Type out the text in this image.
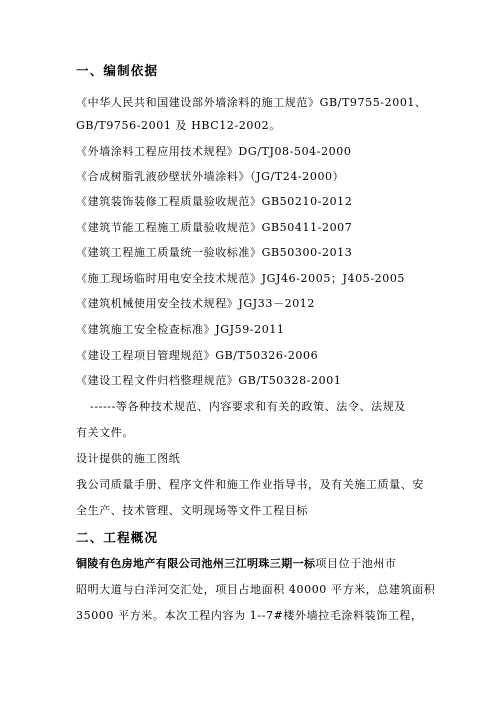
一、编制依据
《中华人民共和国建设部外墙涂料的施工规范》GB/T9755-2001、
GB/T9756-2001 及 HBC12-2002。
《外墙涂料工程应用技术规程》DG/TJ08-504-2000
《合成树脂乳液砂壁状外墙涂料》（JG/T24-2000）
《建筑装饰装修工程质量验收规范》GB50210-2012
《建筑节能工程施工质量验收规范》GB50411-2007
《建筑工程施工质量统一验收标准》GB50300-2013
《施工现场临时用电安全技术规范》JGJ46-2005；J405-2005
《建筑机械使用安全技术规程》JGJ33－2012
《建筑施工安全检查标准》JGJ59-2011
《建设工程项目管理规范》GB/T50326-2006
《建设工程文件归档整理规范》GB/T50328-2001
------等各种技术规范、内容要求和有关的政策、法令、法规及
有关文件。
设计提供的施工图纸
我公司质量手册、程序文件和施工作业指导书，及有关施工质量、安
全生产、技术管理、文明现场等文件工程目标
二、工程概况
铜陵有色房地产有限公司池州三江明珠三期一标项目位于池州市
昭明大道与白洋河交汇处，项目占地面积 40000 平方米，总建筑面积
35000 平方米。本次工程内容为 1--7#楼外墙拉毛涂料装饰工程，
